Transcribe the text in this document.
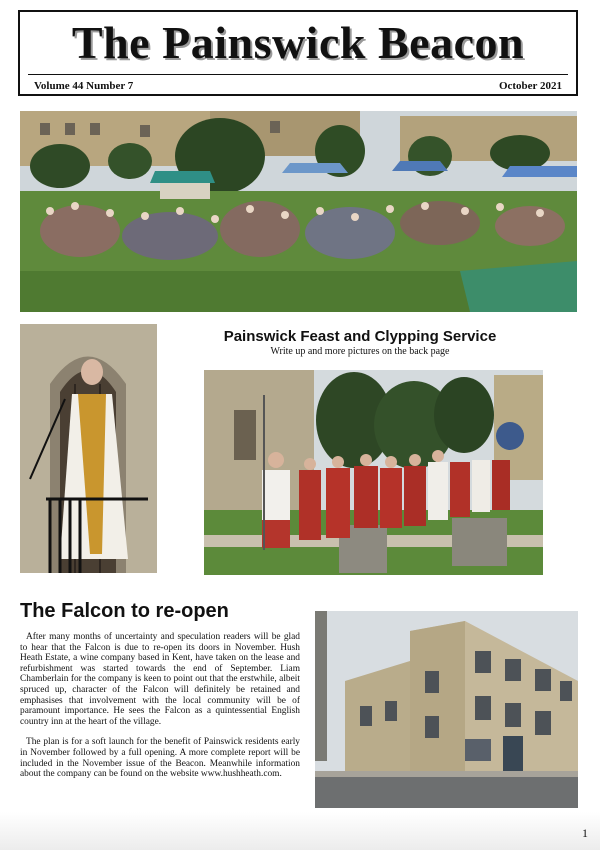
The Painswick Beacon
Volume 44 Number 7	October 2021
Painswick Feast and Clypping Service
Write up and more pictures on the back page
The Falcon to re-open

After many months of uncertainty and speculation readers will be glad to hear that the Falcon is due to re-open its doors in November. Hush Heath Estate, a wine company based in Kent, have taken on the lease and refurbishment was started towards the end of September. Liam Chamberlain for the company is keen to point out that the erstwhile, albeit spruced up, character of the Falcon will definitely be retained and emphasises that involvement with the local community will be of paramount importance. He sees the Falcon as a quintessential English country inn at the heart of the village.

The plan is for a soft launch for the benefit of Painswick residents early in November followed by a full opening. A more complete report will be included in the November issue of the Beacon. Meanwhile information about the company can be found on the website www.hushheath.com.

1
